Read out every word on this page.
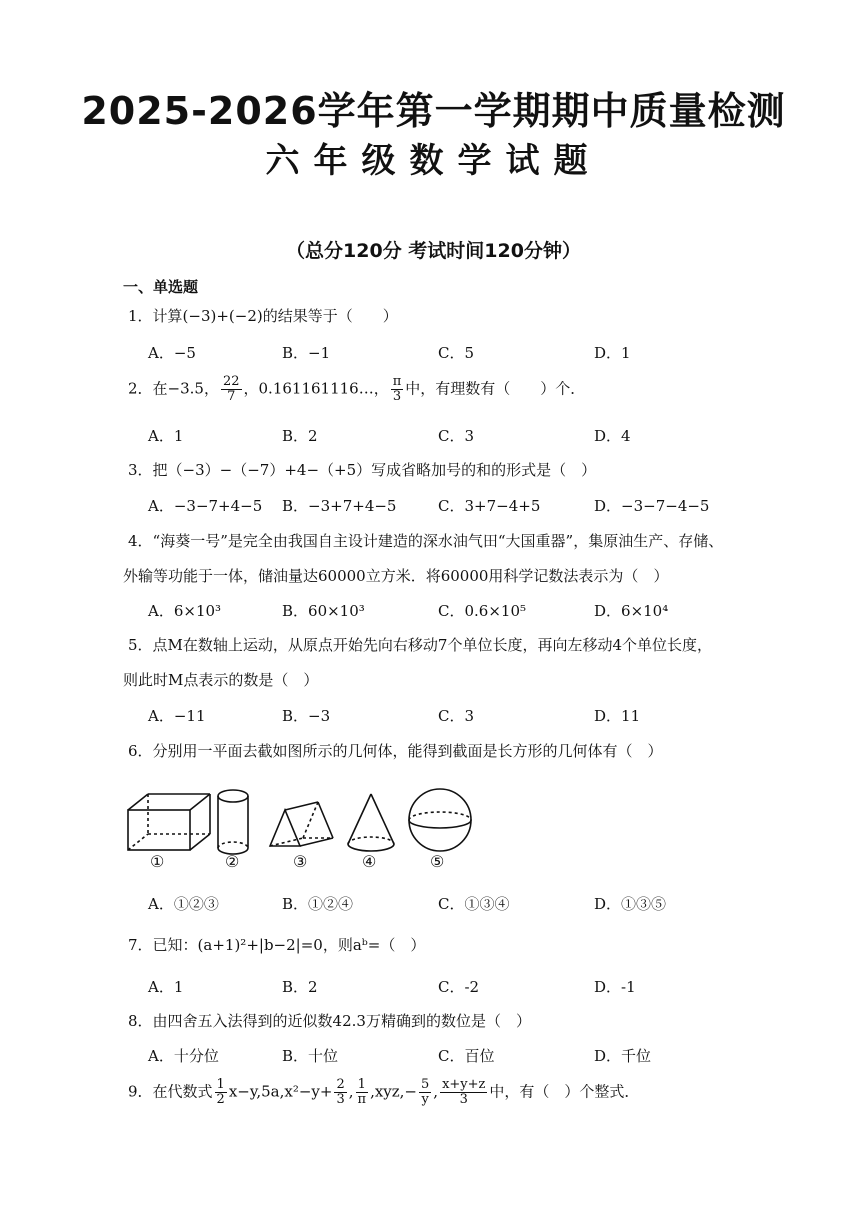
2025-2026学年第一学期期中质量检测
六年级数学试题
（总分120分 考试时间120分钟）
一、单选题
1．计算(−3)+(−2)的结果等于（　　）
A．−5	B．−1	C．5	D．1
2．在−3.5， $\frac{22}{7}$ ，0.161161116…， $\frac{\pi}{3}$ 中，有理数有（　　）个．
A．1	B．2	C．3	D．4
3．把（−3）−（−7）+4−（+5）写成省略加号的和的形式是（　）
A．−3−7+4−5 B．−3+7+4−5	C．3+7−4+5	D．−3−7−4−5
4．“海葵一号”是完全由我国自主设计建造的深水油气田“大国重器”，集原油生产、存储、
外输等功能于一体，储油量达60000立方米．将60000用科学记数法表示为（　）
A．6×10³	B．60×10³	C．0.6×10⁵	D．6×10⁴
5．点M在数轴上运动，从原点开始先向右移动7个单位长度，再向左移动4个单位长度，
则此时M点表示的数是（　）
A．−11	B．−3	C．3	D．11
6．分别用一平面去截如图所示的几何体，能得到截面是长方形的几何体有（　）
①	②	③	④	⑤
A．①②③	B．①②④	C．①③④	D．①③⑤
7．已知：(a+1)²+|b−2|=0，则aᵇ=（　）
A．1	B．2	C．-2	D．-1
8．由四舍五入法得到的近似数42.3万精确到的数位是（　）
A．十分位	B．十位	C．百位	D．千位
9．在代数式 $\frac{1}{2} x-y,5a,x^2-y+ \frac{2}{3}$ , $\frac{1}{\pi} ,xyz,- \frac{5}{y}$ , $\frac{x+y+z}{3}$ 中，有（　）个整式．
